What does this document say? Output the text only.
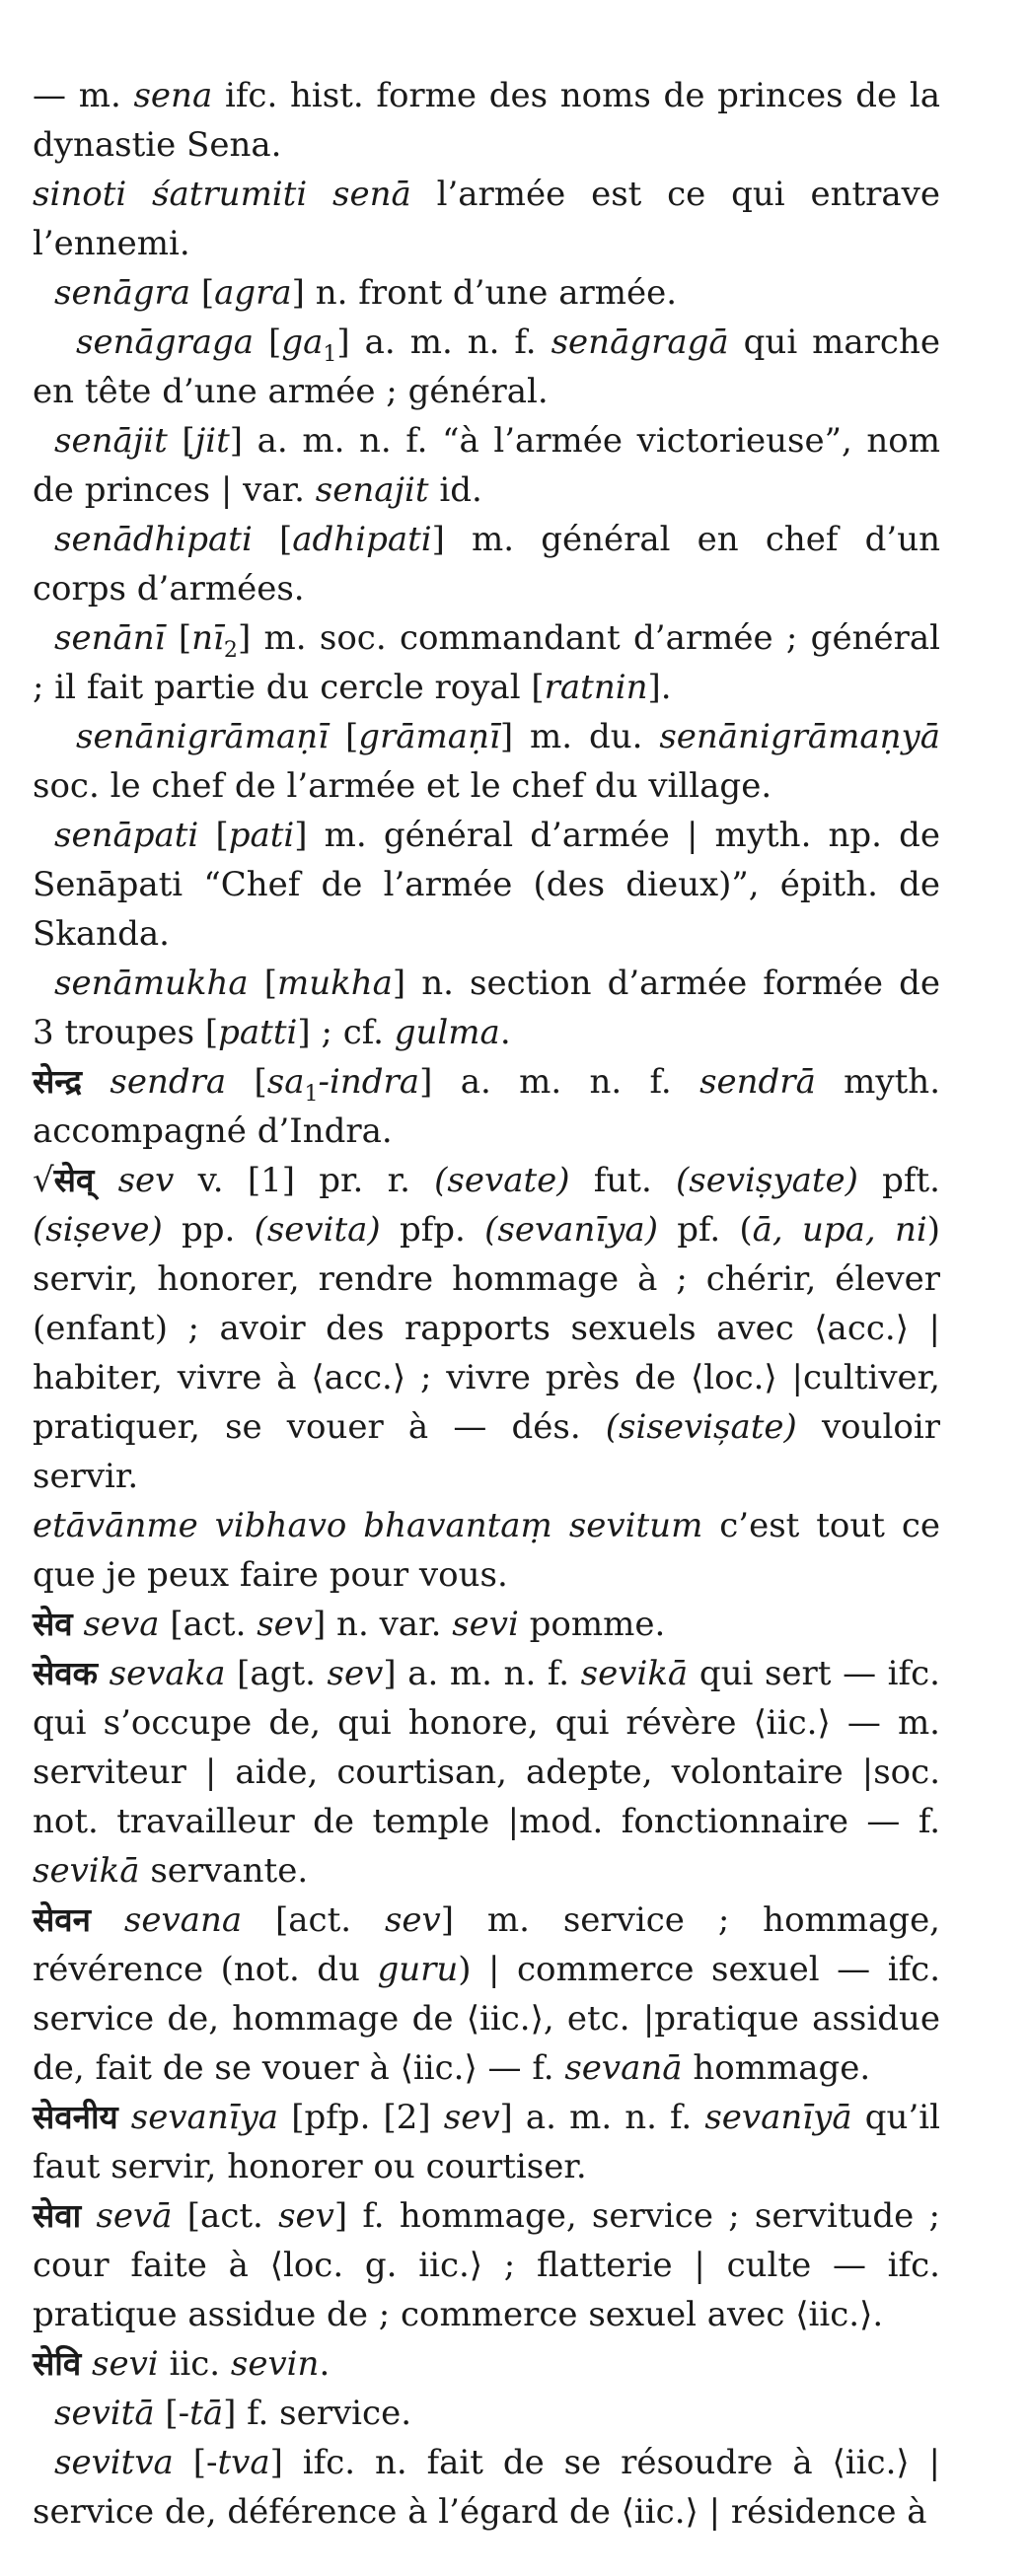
— m. sena ifc. hist. forme des noms de princes de la dynastie Sena.

sinoti śatrumiti senā l’armée est ce qui entrave l’ennemi.

senāgra [agra] n. front d’une armée.

senāgraga $[ga_1]$ a. m. n. f. senāgragā qui marche en tête d’une armée ; général.

senājit [jit] a. m. n. f. “à l’armée victorieuse”, nom de princes | var. senajit id.

senādhipati [adhipati] m. général en chef d’un corps d’armées.

senānī $[nī_2]$ m. soc. commandant d’armée ; général ; il fait partie du cercle royal [ratnin].

senānigrāmaṇī [grāmaṇī] m. du. senānigrāmaṇyā soc. le chef de l’armée et le chef du village.

senāpati [pati] m. général d’armée | myth. np. de Senāpati “Chef de l’armée (des dieux)”, épith. de Skanda.

senāmukha [mukha] n. section d’armée formée de 3 troupes [patti] ; cf. gulma.

सेन्द्र sendra $[sa_1-indra]$ a. m. n. f. sendrā myth. accompagné d’Indra.

√सेव् sev v. [1] pr. r. (sevate) fut. (seviṣyate) pft. (siṣeve) pp. (sevita) pfp. (sevanīya) pf. (ā, upa, ni) servir, honorer, rendre hommage à ; chérir, élever (enfant) ; avoir des rapports sexuels avec ⟨acc.⟩ | habiter, vivre à ⟨acc.⟩ ; vivre près de ⟨loc.⟩ |cultiver, pratiquer, se vouer à — dés. (sisevișate) vouloir servir.

etāvānme vibhavo bhavantaṃ sevitum c’est tout ce que je peux faire pour vous.

सेव seva [act. sev] n. var. sevi pomme.

सेवक sevaka [agt. sev] a. m. n. f. sevikā qui sert — ifc. qui s’occupe de, qui honore, qui révère ⟨iic.⟩ — m. serviteur | aide, courtisan, adepte, volontaire |soc. not. travailleur de temple |mod. fonctionnaire — f. sevikā servante.

सेवन sevana [act. sev] m. service ; hommage, révérence (not. du guru) | commerce sexuel — ifc. service de, hommage de ⟨iic.⟩, etc. |pratique assidue de, fait de se vouer à ⟨iic.⟩ — f. sevanā hommage.

सेवनीय sevanīya [pfp. [2] sev] a. m. n. f. sevanīyā qu’il faut servir, honorer ou courtiser.

सेवा sevā [act. sev] f. hommage, service ; servitude ; cour faite à ⟨loc. g. iic.⟩ ; flatterie | culte — ifc. pratique assidue de ; commerce sexuel avec ⟨iic.⟩.

सेवि sevi iic. sevin.

sevitā [-tā] f. service.

sevitva [-tva] ifc. n. fait de se résoudre à ⟨iic.⟩ | service de, déférence à l’égard de ⟨iic.⟩ | résidence à
